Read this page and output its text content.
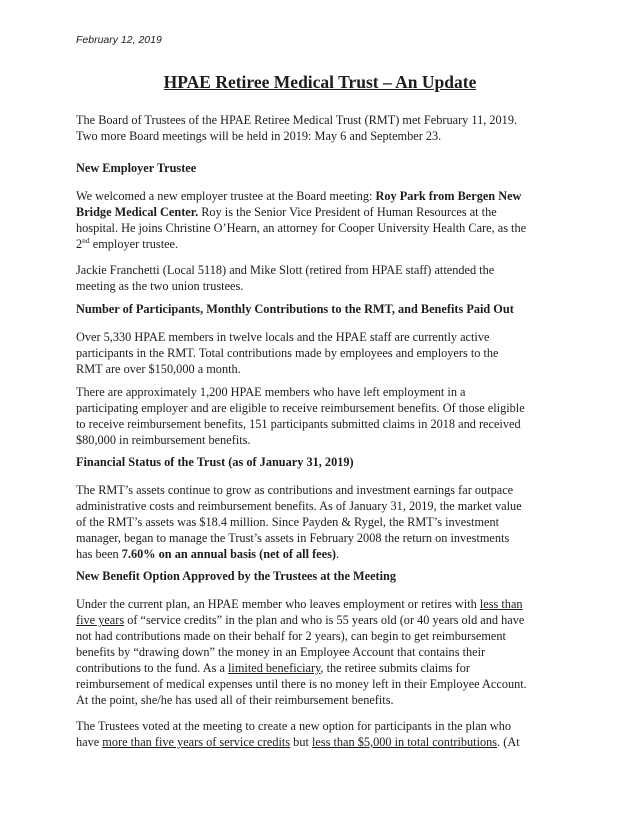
February 12, 2019
HPAE Retiree Medical Trust – An Update
The Board of Trustees of the HPAE Retiree Medical Trust (RMT) met February 11, 2019.
Two more Board meetings will be held in 2019: May 6 and September 23.
New Employer Trustee
We welcomed a new employer trustee at the Board meeting: Roy Park from Bergen New
Bridge Medical Center. Roy is the Senior Vice President of Human Resources at the
hospital. He joins Christine O’Hearn, an attorney for Cooper University Health Care, as the
2nd employer trustee.
Jackie Franchetti (Local 5118) and Mike Slott (retired from HPAE staff) attended the
meeting as the two union trustees.
Number of Participants, Monthly Contributions to the RMT, and Benefits Paid Out
Over 5,330 HPAE members in twelve locals and the HPAE staff are currently active
participants in the RMT. Total contributions made by employees and employers to the
RMT are over $150,000 a month.
There are approximately 1,200 HPAE members who have left employment in a
participating employer and are eligible to receive reimbursement benefits. Of those eligible
to receive reimbursement benefits, 151 participants submitted claims in 2018 and received
$80,000 in reimbursement benefits.
Financial Status of the Trust (as of January 31, 2019)
The RMT’s assets continue to grow as contributions and investment earnings far outpace
administrative costs and reimbursement benefits. As of January 31, 2019, the market value
of the RMT’s assets was $18.4 million. Since Payden & Rygel, the RMT’s investment
manager, began to manage the Trust’s assets in February 2008 the return on investments
has been 7.60% on an annual basis (net of all fees).
New Benefit Option Approved by the Trustees at the Meeting
Under the current plan, an HPAE member who leaves employment or retires with less than
five years of “service credits” in the plan and who is 55 years old (or 40 years old and have
not had contributions made on their behalf for 2 years), can begin to get reimbursement
benefits by “drawing down” the money in an Employee Account that contains their
contributions to the fund. As a limited beneficiary, the retiree submits claims for
reimbursement of medical expenses until there is no money left in their Employee Account.
At the point, she/he has used all of their reimbursement benefits.
The Trustees voted at the meeting to create a new option for participants in the plan who
have more than five years of service credits but less than $5,000 in total contributions. (At
